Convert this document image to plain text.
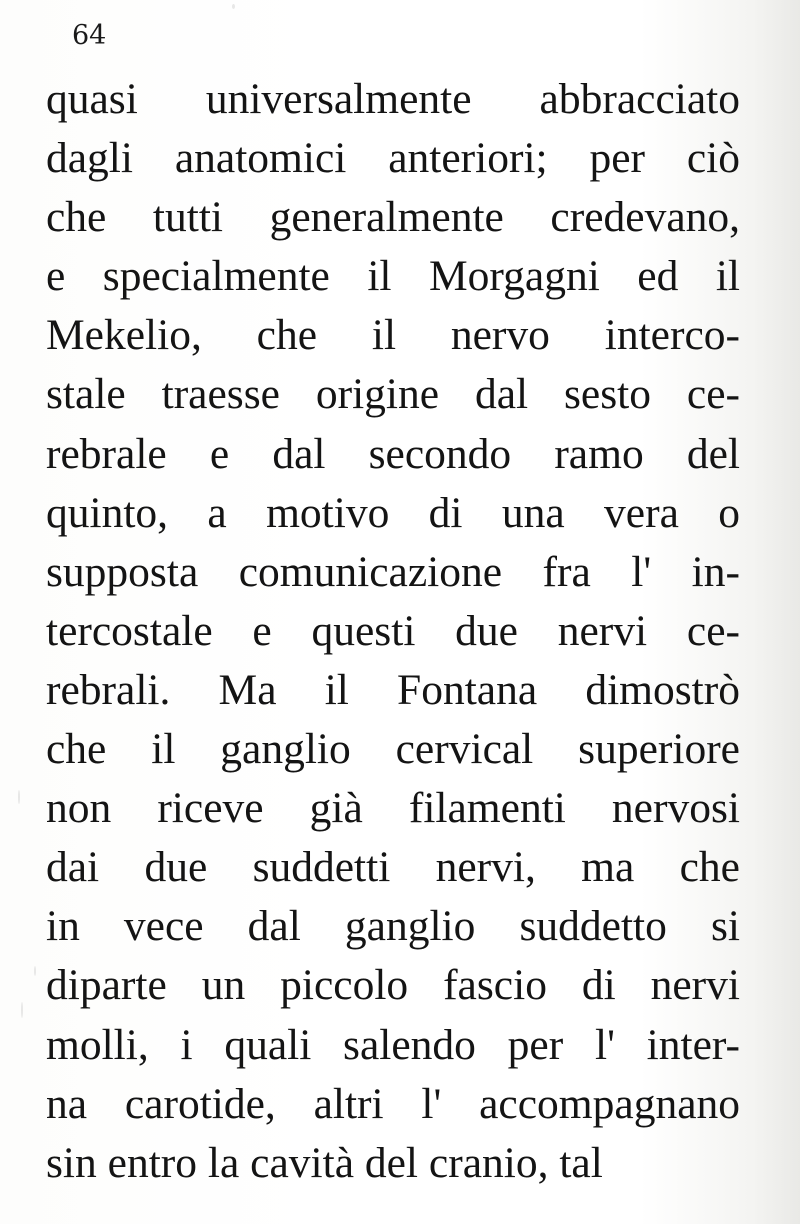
64
quasi universalmente abbracciato
dagli anatomici anteriori; per ciò
che tutti generalmente credevano,
e specialmente il Morgagni ed il
Mekelio, che il nervo interco-
stale traesse origine dal sesto ce-
rebrale e dal secondo ramo del
quinto, a motivo di una vera o
supposta comunicazione fra l' in-
tercostale e questi due nervi ce-
rebrali. Ma il Fontana dimostrò
che il ganglio cervical superiore
non riceve già filamenti nervosi
dai due suddetti nervi, ma che
in vece dal ganglio suddetto si
diparte un piccolo fascio di nervi
molli, i quali salendo per l' inter-
na carotide, altri l' accompagnano
sin entro la cavità del cranio, tal
